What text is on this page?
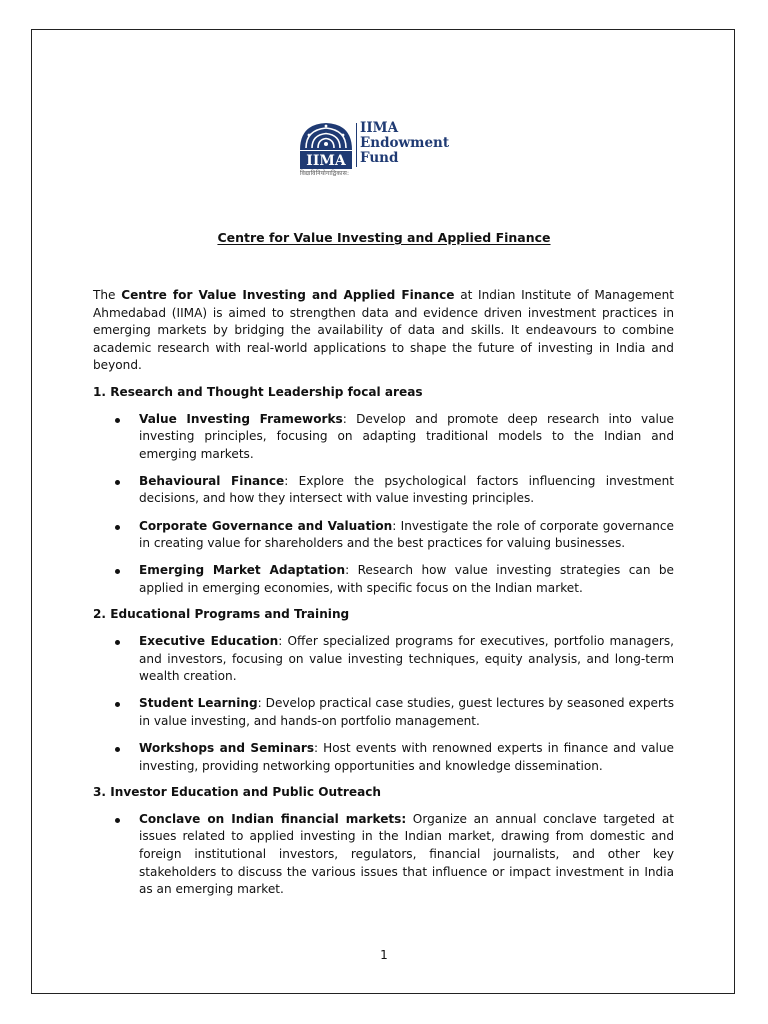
IIMA
IIMA
Endowment
Fund
विद्याविनियोगाद्विकास:
Centre for Value Investing and Applied Finance

The Centre for Value Investing and Applied Finance at Indian Institute of Management Ahmedabad (IIMA) is aimed to strengthen data and evidence driven investment practices in emerging markets by bridging the availability of data and skills. It endeavours to combine academic research with real-world applications to shape the future of investing in India and beyond.

1. Research and Thought Leadership focal areas
Value Investing Frameworks: Develop and promote deep research into value investing principles, focusing on adapting traditional models to the Indian and emerging markets.
Behavioural Finance: Explore the psychological factors influencing investment decisions, and how they intersect with value investing principles.
Corporate Governance and Valuation: Investigate the role of corporate governance in creating value for shareholders and the best practices for valuing businesses.
Emerging Market Adaptation: Research how value investing strategies can be applied in emerging economies, with specific focus on the Indian market.
2. Educational Programs and Training
Executive Education: Offer specialized programs for executives, portfolio managers, and investors, focusing on value investing techniques, equity analysis, and long-term wealth creation.
Student Learning: Develop practical case studies, guest lectures by seasoned experts in value investing, and hands-on portfolio management.
Workshops and Seminars: Host events with renowned experts in finance and value investing, providing networking opportunities and knowledge dissemination.
3. Investor Education and Public Outreach
Conclave on Indian financial markets: Organize an annual conclave targeted at issues related to applied investing in the Indian market, drawing from domestic and foreign institutional investors, regulators, financial journalists, and other key stakeholders to discuss the various issues that influence or impact investment in India as an emerging market.
1
